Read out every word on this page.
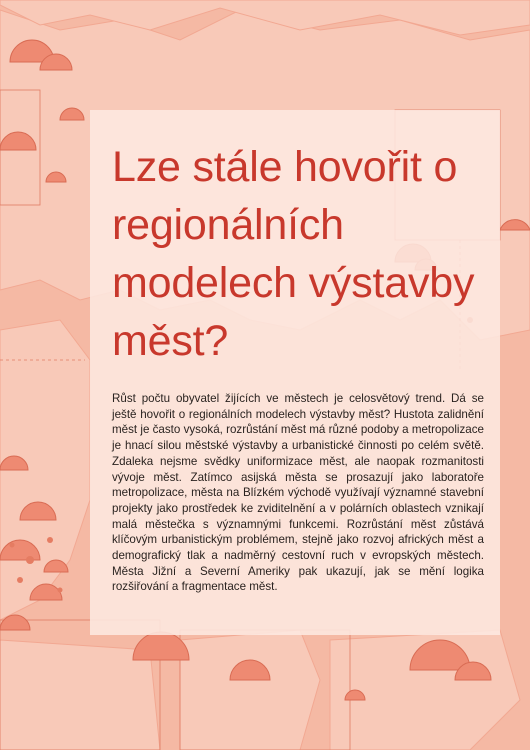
Lze stále hovořit o regionálních modelech výstavby měst?

Růst počtu obyvatel žijících ve městech je celosvětový trend. Dá se ještě hovořit o regionálních modelech výstavby měst? Hustota zalidnění měst je často vysoká, rozrůstání měst má různé podoby a metropolizace je hnací silou městské výstavby a urbanistické činnosti po celém světě. Zdaleka nejsme svědky uniformizace měst, ale naopak rozmanitosti vývoje měst. Zatímco asijská města se prosazují jako laboratoře metropolizace, města na Blízkém východě využívají významné stavební projekty jako prostředek ke zviditelnění a v polárních oblastech vznikají malá městečka s významnými funkcemi. Rozrůstání měst zůstává klíčovým urbanistickým problémem, stejně jako rozvoj afrických měst a demografický tlak a nadměrný cestovní ruch v evropských městech. Města Jižní a Severní Ameriky pak ukazují, jak se mění logika rozšiřování a fragmentace měst.
